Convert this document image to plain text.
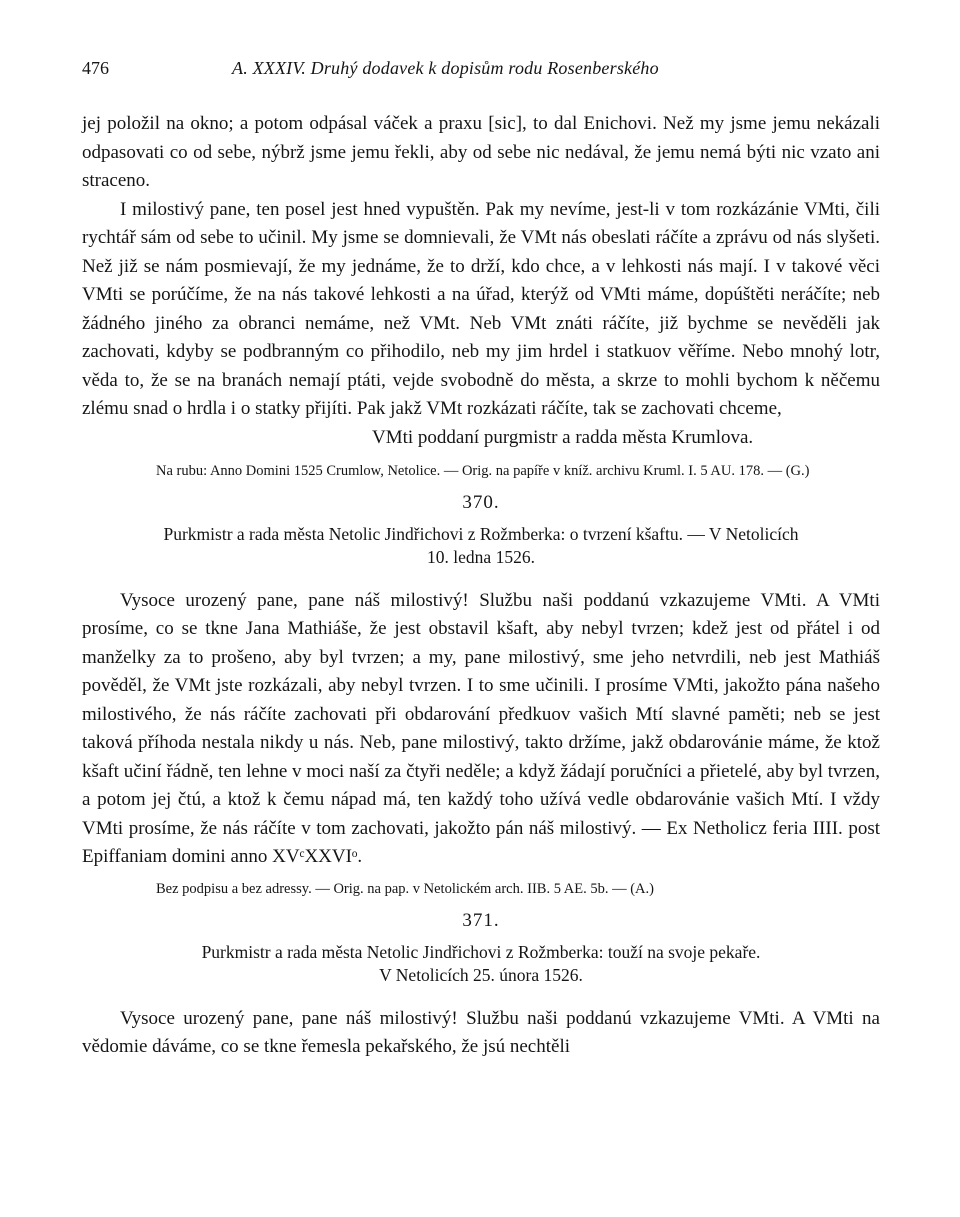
476	A. XXXIV. Druhý dodavek k dopisům rodu Rosenberského

jej položil na okno; a potom odpásal váček a praxu [sic], to dal Enichovi. Než my jsme jemu nekázali odpasovati co od sebe, nýbrž jsme jemu řekli, aby od sebe nic nedával, že jemu nemá býti nic vzato ani straceno.

I milostivý pane, ten posel jest hned vypuštěn. Pak my nevíme, jest-li v tom rozkázánie VMti, čili rychtář sám od sebe to učinil. My jsme se domnievali, že VMt nás obeslati ráčíte a zprávu od nás slyšeti. Než již se nám posmievají, že my jednáme, že to drží, kdo chce, a v lehkosti nás mají. I v takové věci VMti se porúčíme, že na nás takové lehkosti a na úřad, kterýž od VMti máme, dopúštěti neráčíte; neb žádného jiného za obranci nemáme, než VMt. Neb VMt znáti ráčíte, již bychme se nevěděli jak zachovati, kdyby se podbranným co přihodilo, neb my jim hrdel i statkuov věříme. Nebo mnohý lotr, věda to, že se na branách nemají ptáti, vejde svobodně do města, a skrze to mohli bychom k něčemu zlému snad o hrdla i o statky přijíti. Pak jakž VMt rozkázati ráčíte, tak se zachovati chceme,

VMti poddaní purgmistr a radda města Krumlova.

Na rubu: Anno Domini 1525 Crumlow, Netolice. — Orig. na papíře v kníž. archivu Kruml. I. 5 AU. 178. — (G.)

370.
Purkmistr a rada města Netolic Jindřichovi z Rožmberka: o tvrzení kšaftu. — V Netolicích
10. ledna 1526.

Vysoce urozený pane, pane náš milostivý! Službu naši poddanú vzkazujeme VMti. A VMti prosíme, co se tkne Jana Mathiáše, že jest obstavil kšaft, aby nebyl tvrzen; kdež jest od přátel i od manželky za to prošeno, aby byl tvrzen; a my, pane milostivý, sme jeho netvrdili, neb jest Mathiáš pověděl, že VMt jste rozkázali, aby nebyl tvrzen. I to sme učinili. I prosíme VMti, jakožto pána našeho milostivého, že nás ráčíte zachovati při obdarování předkuov vašich Mtí slavné paměti; neb se jest taková příhoda nestala nikdy u nás. Neb, pane milostivý, takto držíme, jakž obdarovánie máme, že ktož kšaft učiní řádně, ten lehne v moci naší za čtyři neděle; a když žádají poručníci a přietelé, aby byl tvrzen, a potom jej čtú, a ktož k čemu nápad má, ten každý toho užívá vedle obdarovánie vašich Mtí. I vždy VMti prosíme, že nás ráčíte v tom zachovati, jakožto pán náš milostivý. — Ex Netholicz feria IIII. post Epiffaniam domini anno XVᶜXXVIᵒ.

Bez podpisu a bez adressy. — Orig. na pap. v Netolickém arch. IIB. 5 AE. 5b. — (A.)

371.
Purkmistr a rada města Netolic Jindřichovi z Rožmberka: touží na svoje pekaře.
V Netolicích 25. února 1526.

Vysoce urozený pane, pane náš milostivý! Službu naši poddanú vzkazujeme VMti. A VMti na vědomie dáváme, co se tkne řemesla pekařského, že jsú nechtěli
